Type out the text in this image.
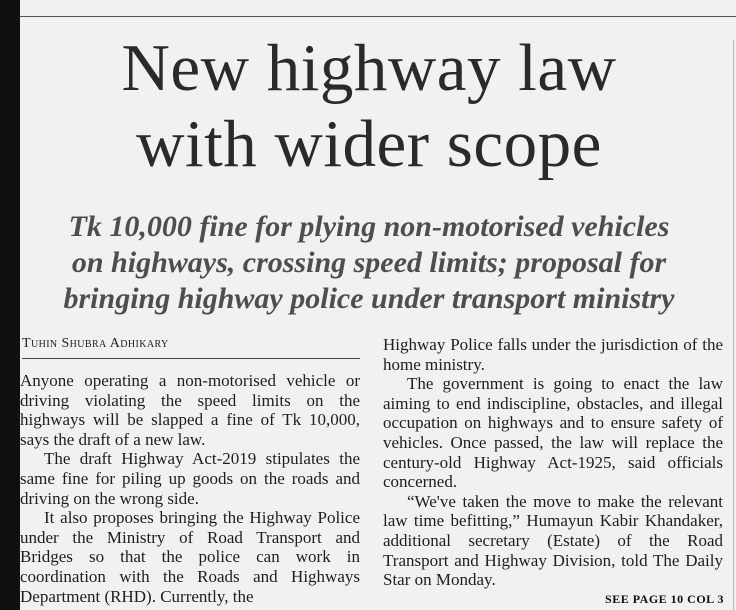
New highway law
with wider scope
Tk 10,000 fine for plying non-motorised vehicles
on highways, crossing speed limits; proposal for
bringing highway police under transport ministry
Tuhin Shubra Adhikary

Anyone operating a non-motorised vehicle or driving violating the speed limits on the highways will be slapped a fine of Tk 10,000, says the draft of a new law.

The draft Highway Act-2019 stipulates the same fine for piling up goods on the roads and driving on the wrong side.

It also proposes bringing the Highway Police under the Ministry of Road Transport and Bridges so that the police can work in coordination with the Roads and Highways Department (RHD). Currently, the

Highway Police falls under the jurisdiction of the home ministry.

The government is going to enact the law aiming to end indiscipline, obstacles, and illegal occupation on highways and to ensure safety of vehicles. Once passed, the law will replace the century-old Highway Act-1925, said officials concerned.

“We've taken the move to make the relevant law time befitting,” Humayun Kabir Khandaker, additional secretary (Estate) of the Road Transport and Highway Division, told The Daily Star on Monday.

SEE PAGE 10 COL 3
